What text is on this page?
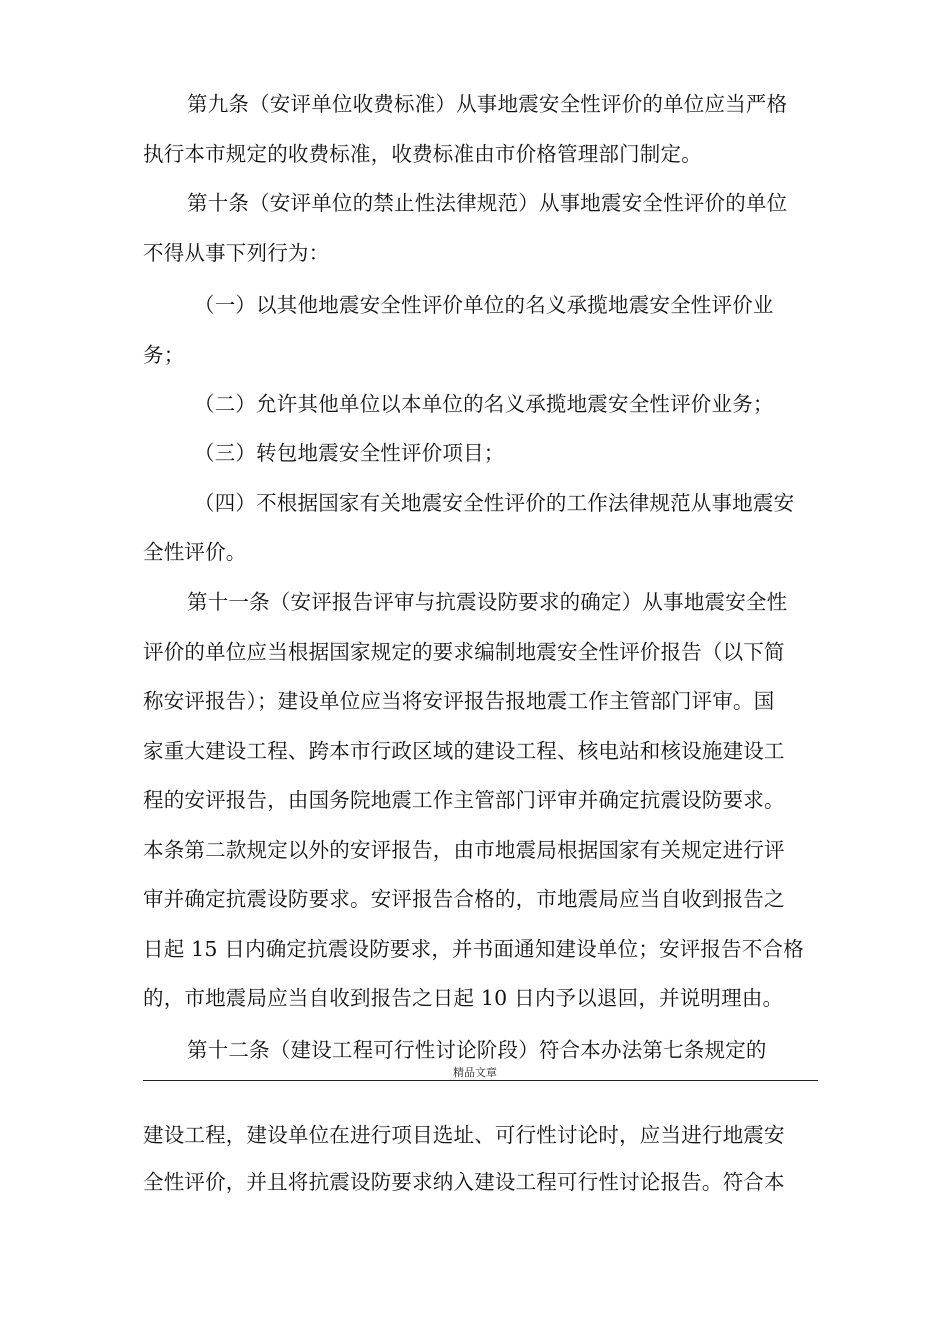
第九条（安评单位收费标准）从事地震安全性评价的单位应当严格
执行本市规定的收费标准，收费标准由市价格管理部门制定。
第十条（安评单位的禁止性法律规范）从事地震安全性评价的单位
不得从事下列行为：
（一）以其他地震安全性评价单位的名义承揽地震安全性评价业
务；
（二）允许其他单位以本单位的名义承揽地震安全性评价业务；
（三）转包地震安全性评价项目；
（四）不根据国家有关地震安全性评价的工作法律规范从事地震安
全性评价。
第十一条（安评报告评审与抗震设防要求的确定）从事地震安全性
评价的单位应当根据国家规定的要求编制地震安全性评价报告（以下简
称安评报告）；建设单位应当将安评报告报地震工作主管部门评审。国
家重大建设工程、跨本市行政区域的建设工程、核电站和核设施建设工
程的安评报告，由国务院地震工作主管部门评审并确定抗震设防要求。
本条第二款规定以外的安评报告，由市地震局根据国家有关规定进行评
审并确定抗震设防要求。安评报告合格的，市地震局应当自收到报告之
日起 15 日内确定抗震设防要求，并书面通知建设单位；安评报告不合格
的，市地震局应当自收到报告之日起 10 日内予以退回，并说明理由。
第十二条（建设工程可行性讨论阶段）符合本办法第七条规定的
建设工程，建设单位在进行项目选址、可行性讨论时，应当进行地震安
全性评价，并且将抗震设防要求纳入建设工程可行性讨论报告。符合本
精品文章
